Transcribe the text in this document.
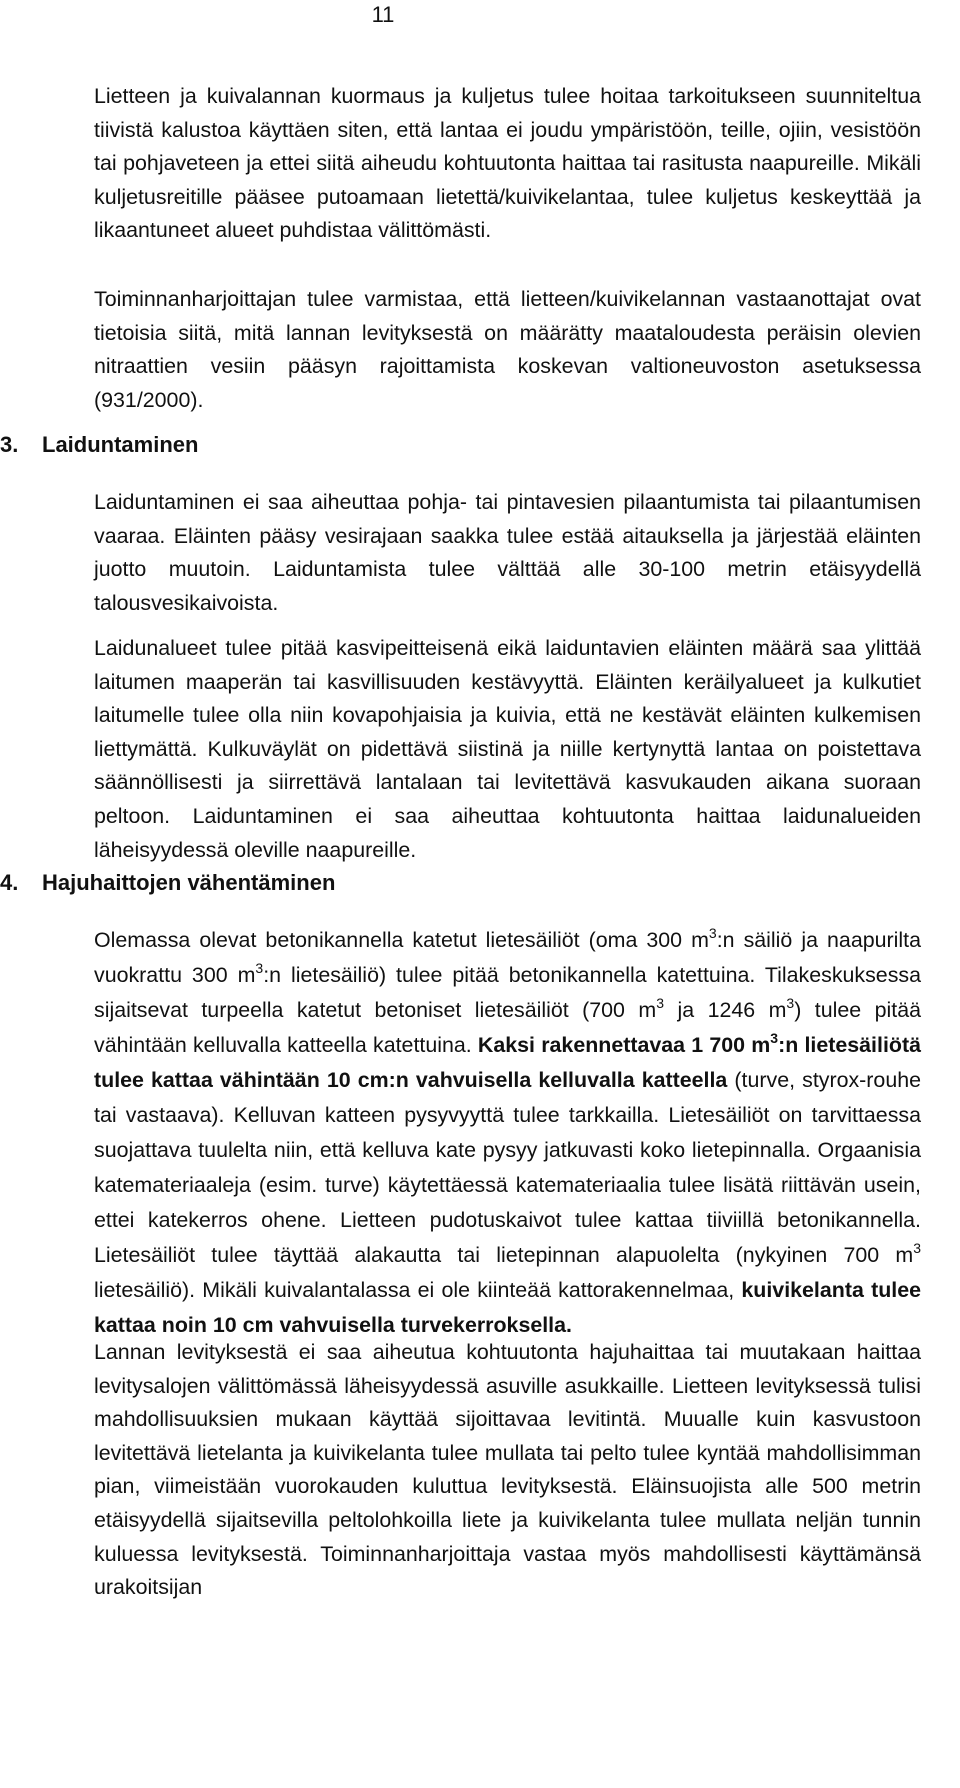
11

Lietteen ja kuivalannan kuormaus ja kuljetus tulee hoitaa tarkoitukseen suunniteltua tiivistä kalustoa käyttäen siten, että lantaa ei joudu ympäristöön, teille, ojiin, vesistöön tai pohjaveteen ja ettei siitä aiheudu kohtuutonta haittaa tai rasitusta naapureille. Mikäli kuljetusreitille pääsee putoamaan lietettä/kuivikelantaa, tulee kuljetus keskeyttää ja likaantuneet alueet puhdistaa välittömästi.

Toiminnanharjoittajan tulee varmistaa, että lietteen/kuivikelannan vastaanottajat ovat tietoisia siitä, mitä lannan levityksestä on määrätty maataloudesta peräisin olevien nitraattien vesiin pääsyn rajoittamista koskevan valtioneuvoston asetuksessa (931/2000).

3. Laiduntaminen

Laiduntaminen ei saa aiheuttaa pohja- tai pintavesien pilaantumista tai pilaantumisen vaaraa. Eläinten pääsy vesirajaan saakka tulee estää aitauksella ja järjestää eläinten juotto muutoin. Laiduntamista tulee välttää alle 30-100 metrin etäisyydellä talousvesikaivoista.

Laidunalueet tulee pitää kasvipeitteisenä eikä laiduntavien eläinten määrä saa ylittää laitumen maaperän tai kasvillisuuden kestävyyttä. Eläinten keräilyalueet ja kulkutiet laitumelle tulee olla niin kovapohjaisia ja kuivia, että ne kestävät eläinten kulkemisen liettymättä. Kulkuväylät on pidettävä siistinä ja niille kertynyttä lantaa on poistettava säännöllisesti ja siirrettävä lantalaan tai levitettävä kasvukauden aikana suoraan peltoon. Laiduntaminen ei saa aiheuttaa kohtuutonta haittaa laidunalueiden läheisyydessä oleville naapureille.

4. Hajuhaittojen vähentäminen

Olemassa olevat betonikannella katetut lietesäiliöt (oma 300 $m^3:n$ säiliö ja naapurilta vuokrattu 300 $m^3:n$ lietesäiliö) tulee pitää betonikannella katettuina. Tilakeskuksessa sijaitsevat turpeella katetut betoniset lietesäiliöt (700 $m^3$ ja 1246 $m^3$) tulee pitää vähintään kelluvalla katteella katettuina. Kaksi rakennettavaa 1 700 $m^3:n$ lietesäiliötä tulee kattaa vähintään 10 cm:n vahvuisella kelluvalla katteella (turve, styrox-rouhe tai vastaava). Kelluvan katteen pysyvyyttä tulee tarkkailla. Lietesäiliöt on tarvittaessa suojattava tuulelta niin, että kelluva kate pysyy jatkuvasti koko lietepinnalla. Orgaanisia katemateriaaleja (esim. turve) käytettäessä katemateriaalia tulee lisätä riittävän usein, ettei katekerros ohene. Lietteen pudotuskaivot tulee kattaa tiiviillä betonikannella. Lietesäiliöt tulee täyttää alakautta tai lietepinnan alapuolelta (nykyinen 700 $m^3$ lietesäiliö). Mikäli kuivalantalassa ei ole kiinteää kattorakennelmaa, kuivikelanta tulee kattaa noin 10 cm vahvuisella turvekerroksella.

Lannan levityksestä ei saa aiheutua kohtuutonta hajuhaittaa tai muutakaan haittaa levitysalojen välittömässä läheisyydessä asuville asukkaille. Lietteen levityksessä tulisi mahdollisuuksien mukaan käyttää sijoittavaa levitintä. Muualle kuin kasvustoon levitettävä lietelanta ja kuivikelanta tulee mullata tai pelto tulee kyntää mahdollisimman pian, viimeistään vuorokauden kuluttua levityksestä. Eläinsuojista alle 500 metrin etäisyydellä sijaitsevilla peltolohkoilla liete ja kuivikelanta tulee mullata neljän tunnin kuluessa levityksestä. Toiminnanharjoittaja vastaa myös mahdollisesti käyttämänsä urakoitsijan
